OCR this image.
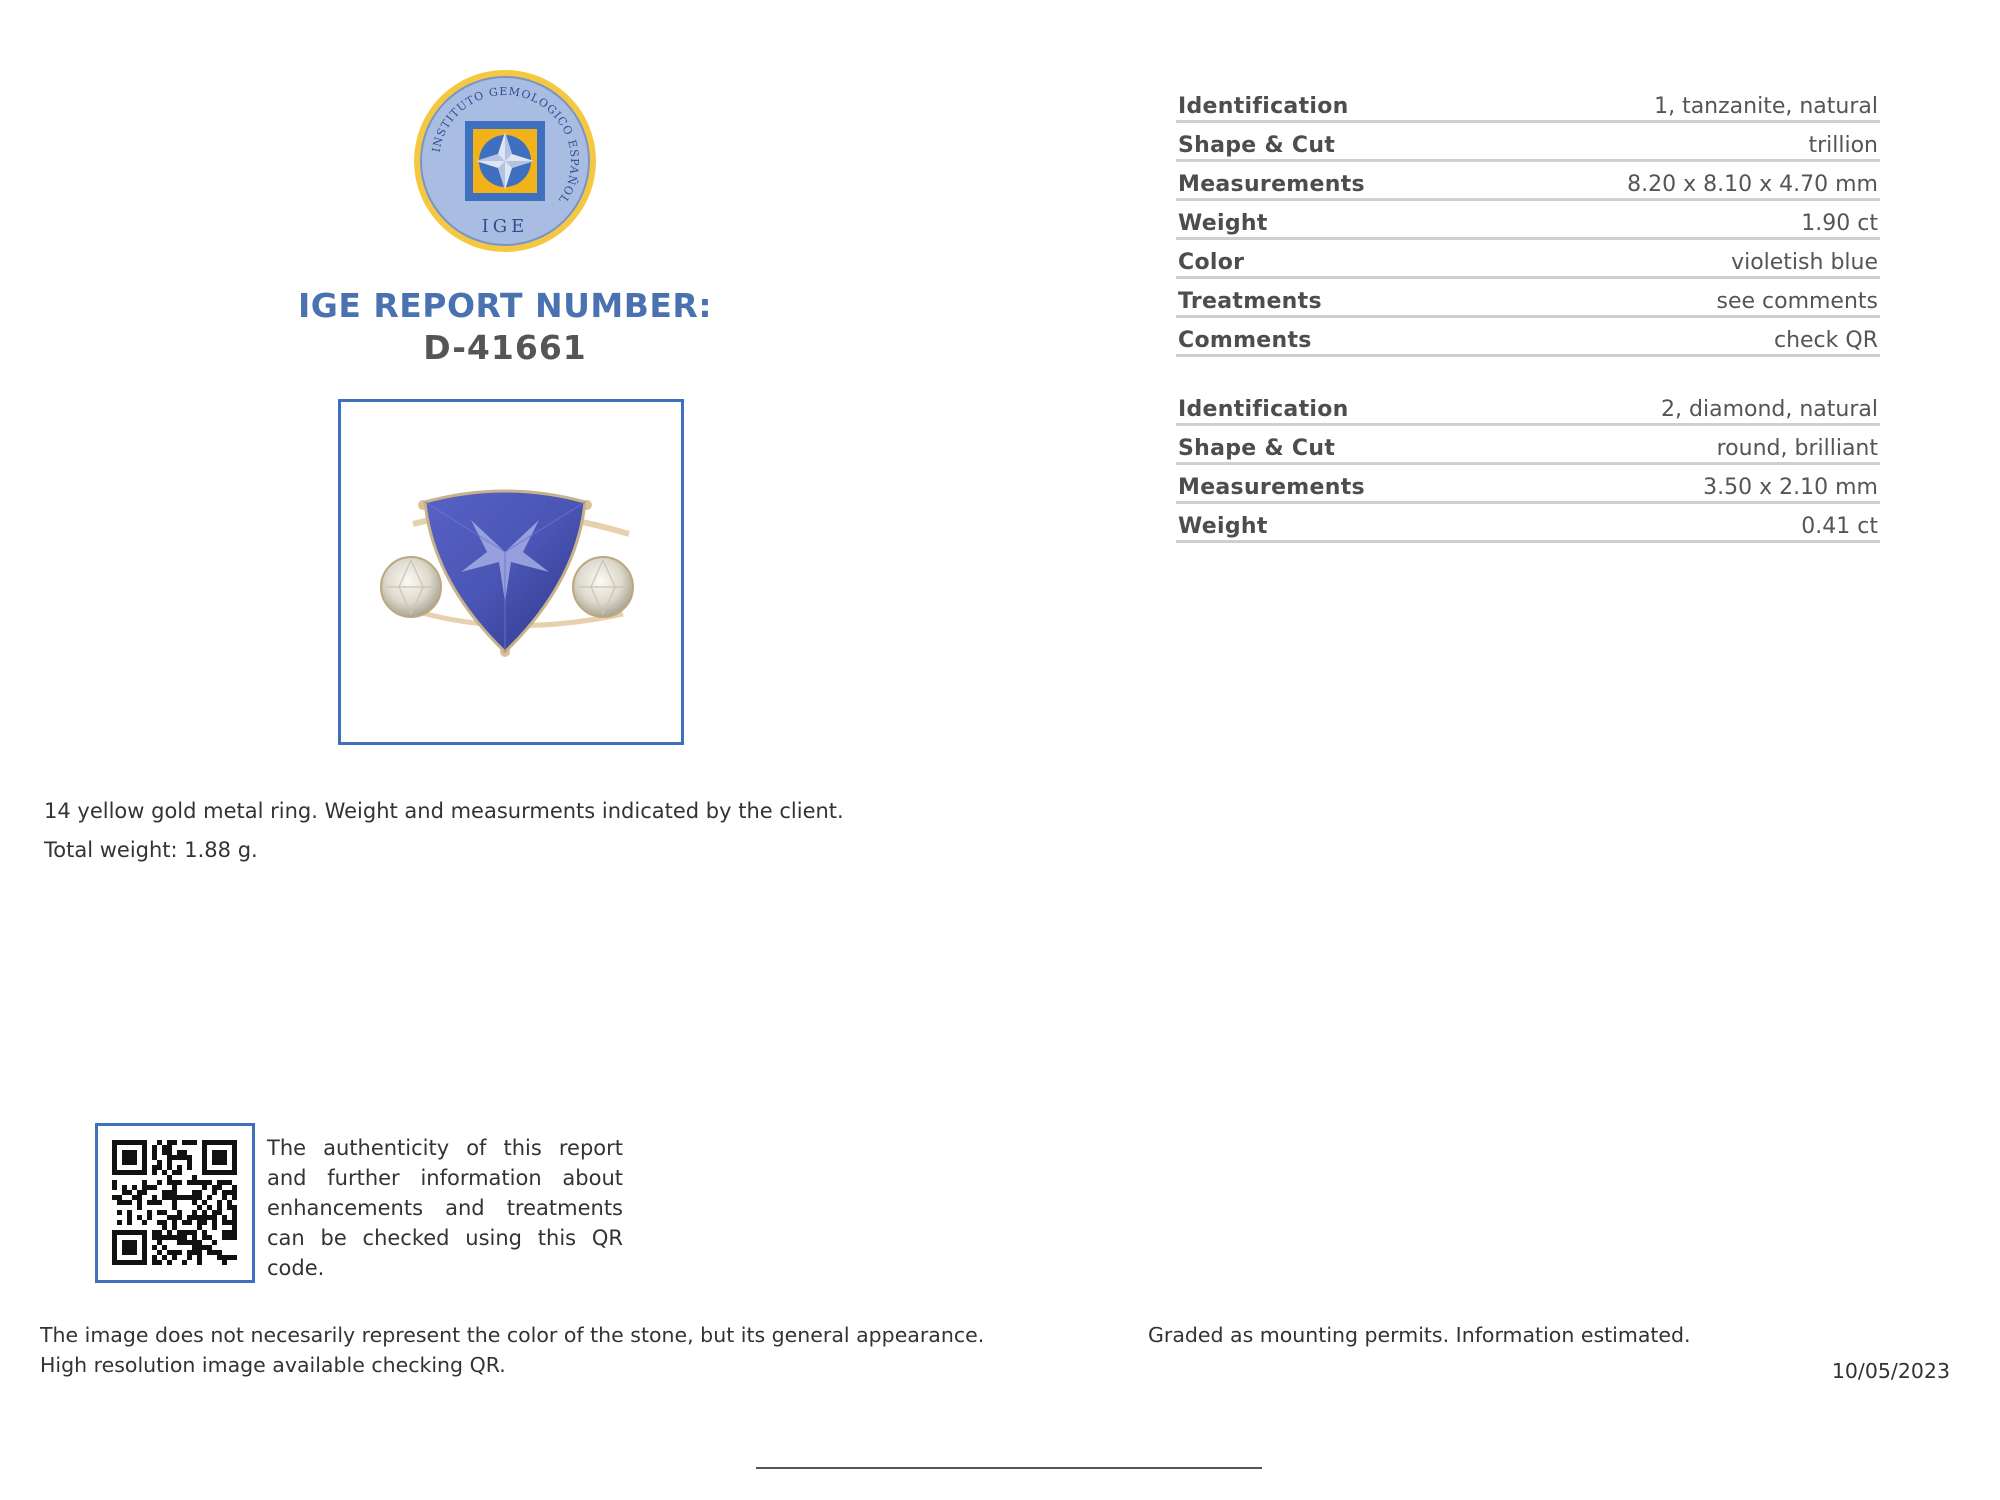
INSTITUTO GEMOLOGICO ESPAÑOL
IGE
IGE REPORT NUMBER:
D-41661
14 yellow gold metal ring. Weight and measurments indicated by the client.
Total weight: 1.88 g.
Identification	1, tanzanite, natural
Shape & Cut	trillion
Measurements	8.20 x 8.10 x 4.70 mm
Weight	1.90 ct
Color	violetish blue
Treatments	see comments
Comments	check QR
Identification	2, diamond, natural
Shape & Cut	round, brilliant
Measurements	3.50 x 2.10 mm
Weight	0.41 ct
The authenticity of this report and further information about enhancements and treatments can be checked using this QR code.
The image does not necesarily represent the color of the stone, but its general appearance.
High resolution image available checking QR.
Graded as mounting permits. Information estimated.
10/05/2023
